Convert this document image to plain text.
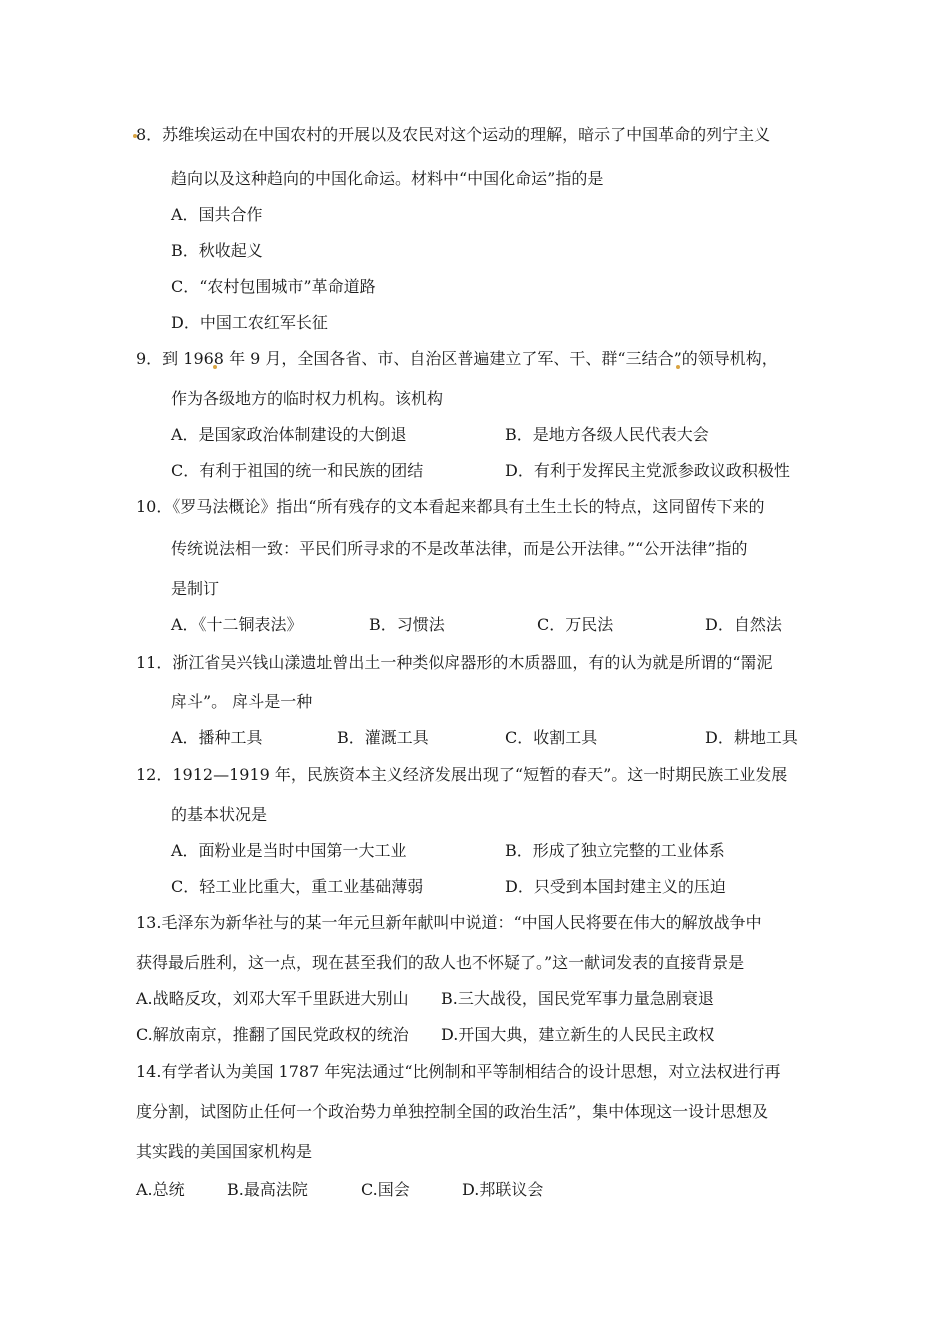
8．苏维埃运动在中国农村的开展以及农民对这个运动的理解，暗示了中国革命的列宁主义
趋向以及这种趋向的中国化命运。材料中“中国化命运”指的是
A．国共合作
B．秋收起义
C．“农村包围城市”革命道路
D．中国工农红军长征
9．到 1968 年 9 月，全国各省、市、自治区普遍建立了军、干、群“三结合”的领导机构，
作为各级地方的临时权力机构。该机构
A．是国家政治体制建设的大倒退	B．是地方各级人民代表大会
C．有利于祖国的统一和民族的团结	D．有利于发挥民主党派参政议政积极性
10．《罗马法概论》指出“所有残存的文本看起来都具有土生土长的特点，这同留传下来的
传统说法相一致：平民们所寻求的不是改革法律，而是公开法律。”“公开法律”指的
是制订
A．《十二铜表法》	B．习惯法	C．万民法	D．自然法
11．浙江省吴兴钱山漾遗址曾出土一种类似戽器形的木质器皿，有的认为就是所谓的“罱泥
戽斗”。 戽斗是一种
A．播种工具	B．灌溉工具	C．收割工具	D．耕地工具
12．1912—1919 年，民族资本主义经济发展出现了“短暂的春天”。这一时期民族工业发展
的基本状况是
A．面粉业是当时中国第一大工业	B．形成了独立完整的工业体系
C．轻工业比重大，重工业基础薄弱	D．只受到本国封建主义的压迫
13.毛泽东为新华社与的某一年元旦新年献叫中说道：“中国人民将要在伟大的解放战争中
获得最后胜利，这一点，现在甚至我们的敌人也不怀疑了。”这一献词发表的直接背景是
A.战略反攻，刘邓大军千里跃进大别山 B.三大战役，国民党军事力量急剧衰退
C.解放南京，推翻了国民党政权的统治 D.开国大典，建立新生的人民民主政权
14.有学者认为美国 1787 年宪法通过“比例制和平等制相结合的设计思想，对立法权进行再
度分割，试图防止任何一个政治势力单独控制全国的政治生活”，集中体现这一设计思想及
其实践的美国国家机构是
A.总统	B.最高法院	C.国会	D.邦联议会
